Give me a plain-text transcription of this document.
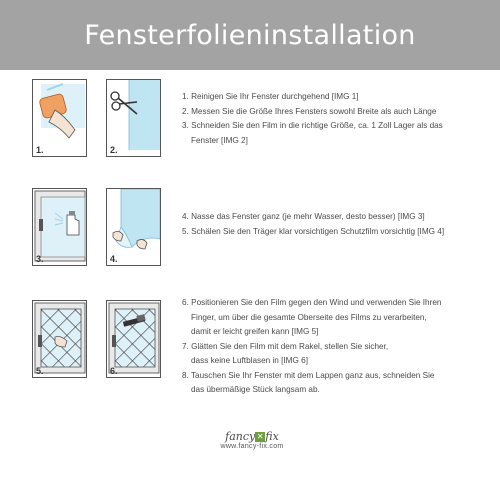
Fensterfolieninstallation
1.	2.
1. Reinigen Sie Ihr Fenster durchgehend [IMG 1]
2. Messen Sie die Größe Ihres Fensters sowohl Breite als auch Länge
3. Schneiden Sie den Film in die richtige Größe, ca. 1 Zoll Lager als das
Fenster [IMG 2]
3.	4.
4. Nasse das Fenster ganz (je mehr Wasser, desto besser) [IMG 3]
5. Schälen Sie den Träger klar vorsichtigen Schutzfilm vorsichtig [IMG 4]
5.	6.
6. Positionieren Sie den Film gegen den Wind und verwenden Sie Ihren
Finger, um über die gesamte Oberseite des Films zu verarbeiten,
damit er leicht greifen kann [IMG 5]
7. Glätten Sie den Film mit dem Rakel, stellen Sie sicher,
dass keine Luftblasen in [IMG 6]
8. Tauschen Sie Ihr Fenster mit dem Lappen ganz aus, schneiden Sie
das übermäßige Stück langsam ab.
fancy ✕ fix
www.fancy-fix.com
